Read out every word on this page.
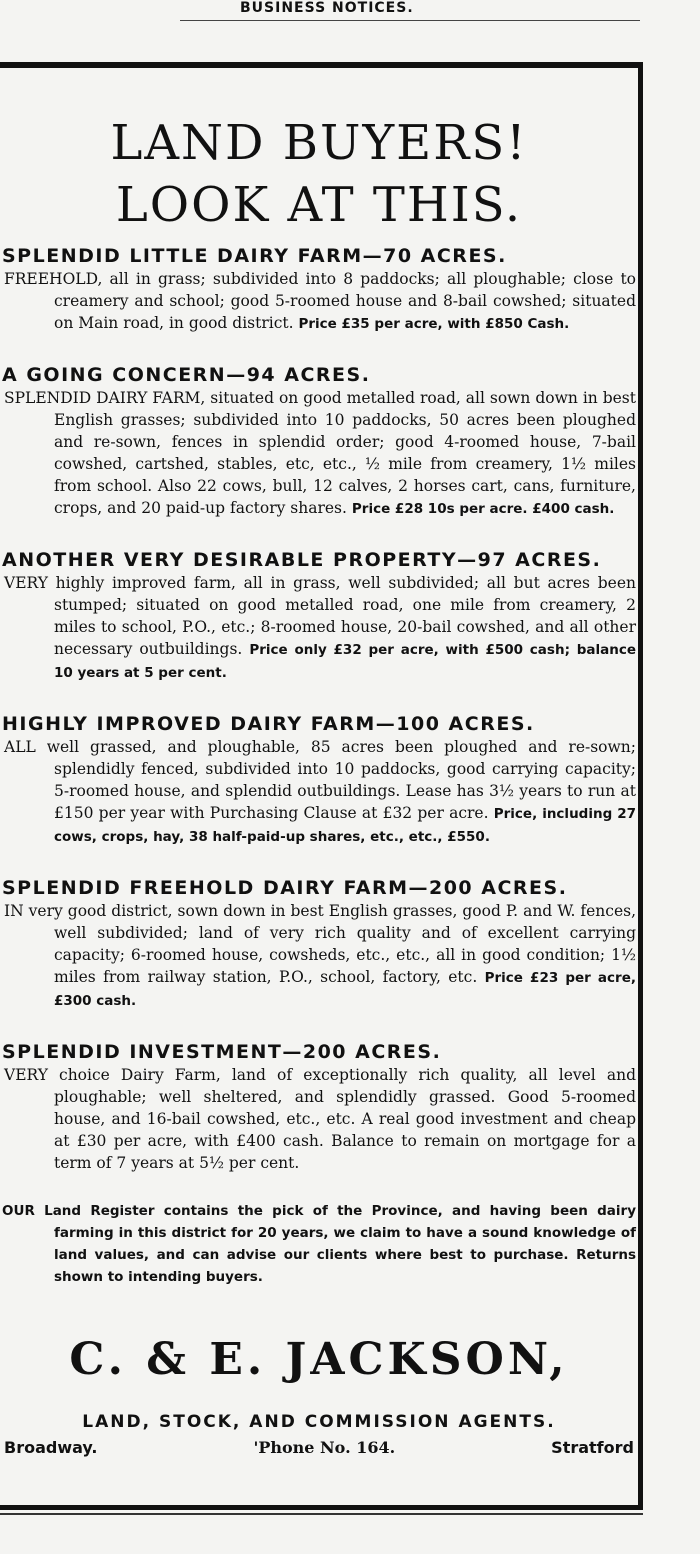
BUSINESS NOTICES.
LAND BUYERS!
LOOK AT THIS.

SPLENDID LITTLE DAIRY FARM—70 ACRES.

FREEHOLD, all in grass; subdivided into 8 paddocks; all ploughable; close to creamery and school; good 5-roomed house and 8-bail cowshed; situated on Main road, in good district. Price £35 per acre, with £850 Cash.

A GOING CONCERN—94 ACRES.

SPLENDID DAIRY FARM, situated on good metalled road, all sown down in best English grasses; subdivided into 10 paddocks, 50 acres been ploughed and re-sown, fences in splendid order; good 4-roomed house, 7-bail cowshed, cartshed, stables, etc, etc., ½ mile from creamery, 1½ miles from school. Also 22 cows, bull, 12 calves, 2 horses cart, cans, furniture, crops, and 20 paid-up factory shares. Price £28 10s per acre. £400 cash.

ANOTHER VERY DESIRABLE PROPERTY—97 ACRES.

VERY highly improved farm, all in grass, well subdivided; all but acres been stumped; situated on good metalled road, one mile from creamery, 2 miles to school, P.O., etc.; 8-roomed house, 20-bail cowshed, and all other necessary outbuildings. Price only £32 per acre, with £500 cash; balance 10 years at 5 per cent.

HIGHLY IMPROVED DAIRY FARM—100 ACRES.

ALL well grassed, and ploughable, 85 acres been ploughed and re-sown; splendidly fenced, subdivided into 10 paddocks, good carrying capacity; 5-roomed house, and splendid outbuildings. Lease has 3½ years to run at £150 per year with Purchasing Clause at £32 per acre. Price, including 27 cows, crops, hay, 38 half-paid-up shares, etc., etc., £550.

SPLENDID FREEHOLD DAIRY FARM—200 ACRES.

IN very good district, sown down in best English grasses, good P. and W. fences, well subdivided; land of very rich quality and of excellent carrying capacity; 6-roomed house, cowsheds, etc., etc., all in good condition; 1½ miles from railway station, P.O., school, factory, etc. Price £23 per acre, £300 cash.

SPLENDID INVESTMENT—200 ACRES.

VERY choice Dairy Farm, land of exceptionally rich quality, all level and ploughable; well sheltered, and splendidly grassed. Good 5-roomed house, and 16-bail cowshed, etc., etc. A real good investment and cheap at £30 per acre, with £400 cash. Balance to remain on mortgage for a term of 7 years at 5½ per cent.

OUR Land Register contains the pick of the Province, and having been dairy farming in this district for 20 years, we claim to have a sound knowledge of land values, and can advise our clients where best to purchase. Returns shown to intending buyers.

C. & E. JACKSON,
LAND, STOCK, AND COMMISSION AGENTS.
Broadway.	'Phone No. 164.	Stratford
